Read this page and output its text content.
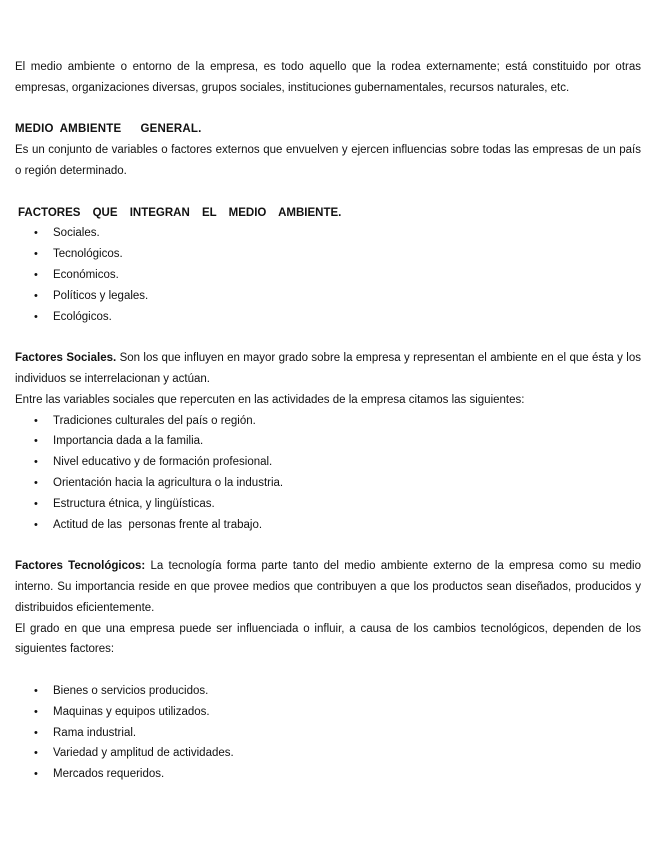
El medio ambiente o entorno de la empresa, es todo aquello que la rodea externamente; está constituido por otras empresas, organizaciones diversas, grupos sociales, instituciones gubernamentales, recursos naturales, etc.

MEDIO AMBIENTE   GENERAL.

Es un conjunto de variables o factores externos que envuelven y ejercen influencias sobre todas las empresas de un país o región determinado.

FACTORES QUE INTEGRAN EL MEDIO AMBIENTE.

• Sociales.
• Tecnológicos.
• Económicos.
• Políticos y legales.
• Ecológicos.

Factores Sociales. Son los que influyen en mayor grado sobre la empresa y representan el ambiente en el que ésta y los individuos se interrelacionan y actúan.

Entre las variables sociales que repercuten en las actividades de la empresa citamos las siguientes:

• Tradiciones culturales del país o región.
• Importancia dada a la familia.
• Nivel educativo y de formación profesional.
• Orientación hacia la agricultura o la industria.
• Estructura étnica, y lingüísticas.
• Actitud de las  personas frente al trabajo.

Factores Tecnológicos: La tecnología forma parte tanto del medio ambiente externo de la empresa como su medio interno. Su importancia reside en que provee medios que contribuyen a que los productos sean diseñados, producidos y distribuidos eficientemente.

El grado en que una empresa puede ser influenciada o influir, a causa de los cambios tecnológicos, dependen de los siguientes factores:

• Bienes o servicios producidos.
• Maquinas y equipos utilizados.
• Rama industrial.
• Variedad y amplitud de actividades.
• Mercados requeridos.
